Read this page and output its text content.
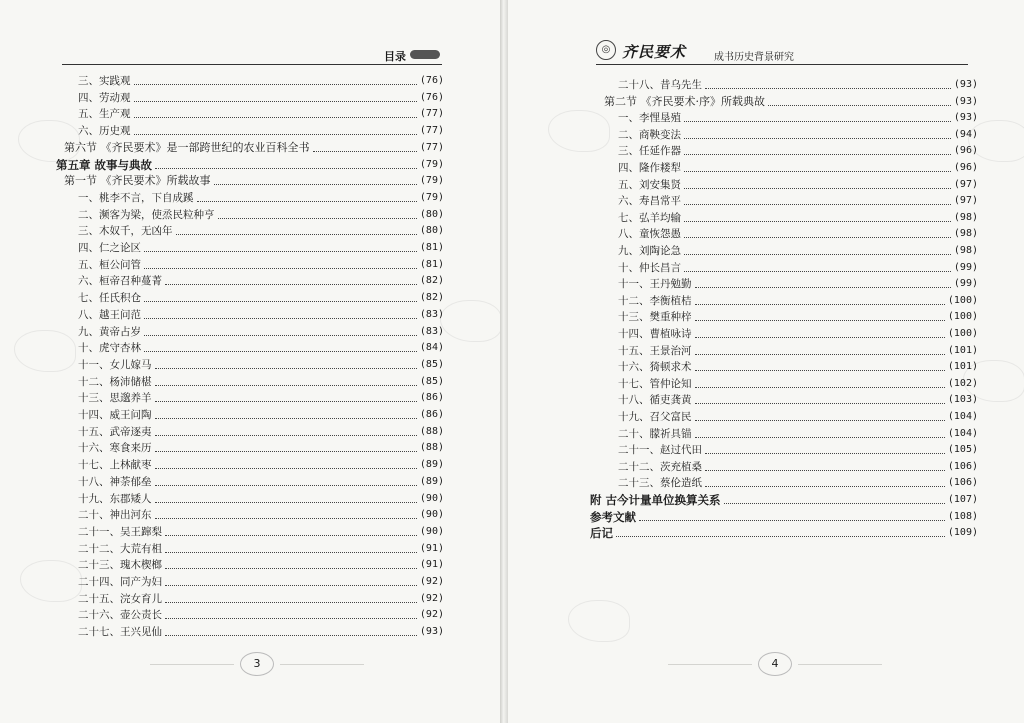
目录
三、实践观	(76)
四、劳动观	(76)
五、生产观	(77)
六、历史观	(77)
第六节 《齐民要术》是一部跨世纪的农业百科全书	(77)
第五章 故事与典故	(79)
第一节 《齐民要术》所载故事	(79)
一、桃李不言，下自成蹊	(79)
二、濒客为梁，使烝民粒种亨	(80)
三、木奴千，无凶年	(80)
四、仁之论区	(81)
五、桓公问管	(81)
六、桓帝召种蔓菁	(82)
七、任氏积仓	(82)
八、越王问范	(83)
九、黄帝占岁	(83)
十、虎守杏林	(84)
十一、女儿嫁马	(85)
十二、杨沛储椹	(85)
十三、思邈养羊	(86)
十四、威王问陶	(86)
十五、武帝逐夷	(88)
十六、寒食来历	(88)
十七、上林献枣	(89)
十八、神荼郁垒	(89)
十九、东郡矮人	(90)
二十、神出河东	(90)
二十一、吴王蹿梨	(90)
二十二、大荒有柤	(91)
二十三、瑰木楔榔	(91)
二十四、同产为妇	(92)
二十五、浣女育儿	(92)
二十六、壶公责长	(92)
二十七、王兴见仙	(93)
3
◎ 齐民要术	成书历史背景研究
二十八、昔乌先生	(93)
第二节 《齐民要术·序》所载典故	(93)
一、李悝垦殖	(93)
二、商鞅变法	(94)
三、任延作器	(96)
四、隆作耧犁	(96)
五、刘安集贤	(97)
六、寿昌常平	(97)
七、弘羊均输	(98)
八、童恢怨愚	(98)
九、刘陶论急	(98)
十、仲长昌言	(99)
十一、王丹勉勤	(99)
十二、李衡植桔	(100)
十三、樊重种梓	(100)
十四、曹植咏诗	(100)
十五、王景治河	(101)
十六、猗顿求术	(101)
十七、管仲论知	(102)
十八、循吏龚黄	(103)
十九、召父富民	(104)
二十、朦祈具锚	(104)
二十一、赵过代田	(105)
二十二、茨充植桑	(106)
二十三、蔡伦造纸	(106)
附 古今计量单位换算关系	(107)
参考文献	(108)
后记	(109)
4
